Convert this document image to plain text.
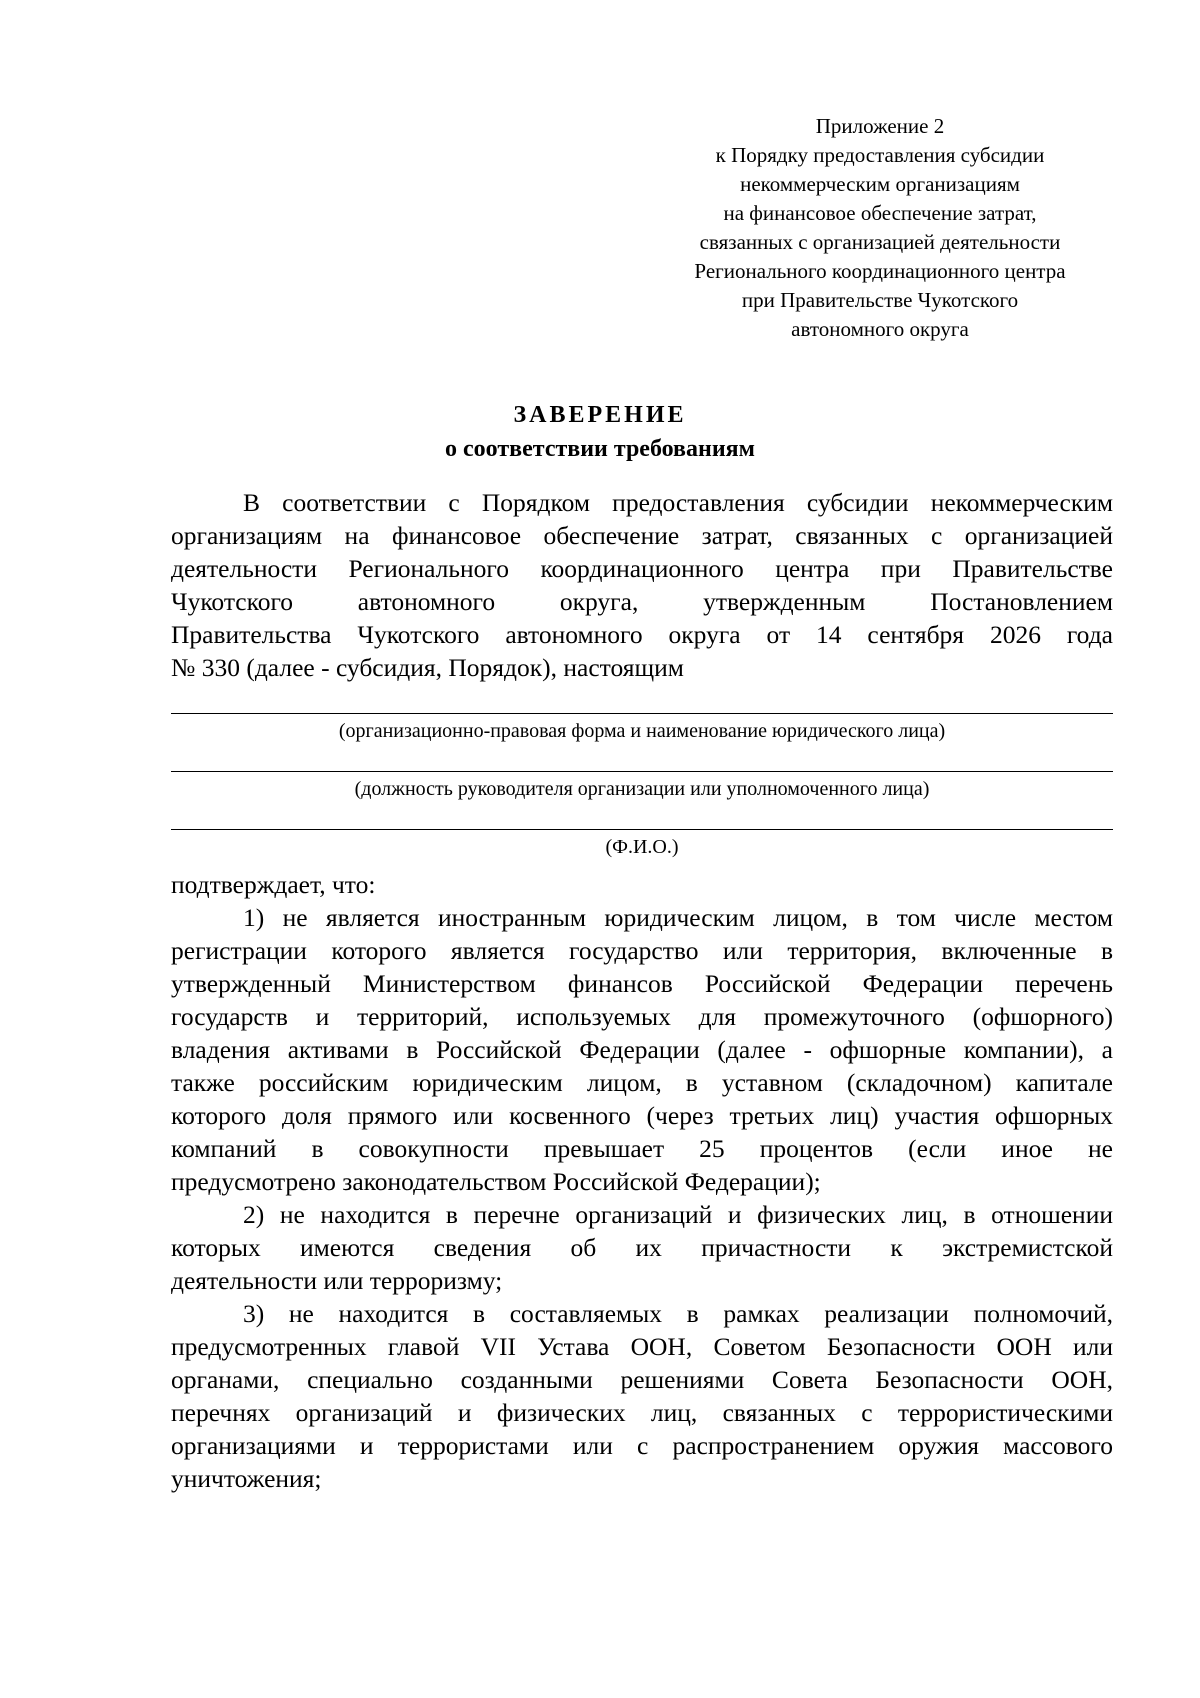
Приложение 2
к Порядку предоставления субсидии
некоммерческим организациям
на финансовое обеспечение затрат,
связанных с организацией деятельности
Регионального координационного центра
при Правительстве Чукотского
автономного округа
ЗАВЕРЕНИЕ
о соответствии требованиям
В соответствии с Порядком предоставления субсидии некоммерческим
организациям на финансовое обеспечение затрат, связанных с организацией
деятельности Регионального координационного центра при Правительстве
Чукотского автономного округа, утвержденным Постановлением
Правительства Чукотского автономного округа от 14 сентября 2026 года
№ 330 (далее - субсидия, Порядок), настоящим
(организационно-правовая форма и наименование юридического лица)
(должность руководителя организации или уполномоченного лица)
(Ф.И.О.)
подтверждает, что:
1) не является иностранным юридическим лицом, в том числе местом
регистрации которого является государство или территория, включенные в
утвержденный Министерством финансов Российской Федерации перечень
государств и территорий, используемых для промежуточного (офшорного)
владения активами в Российской Федерации (далее - офшорные компании), а
также российским юридическим лицом, в уставном (складочном) капитале
которого доля прямого или косвенного (через третьих лиц) участия офшорных
компаний в совокупности превышает 25 процентов (если иное не
предусмотрено законодательством Российской Федерации);
2) не находится в перечне организаций и физических лиц, в отношении
которых имеются сведения об их причастности к экстремистской
деятельности или терроризму;
3) не находится в составляемых в рамках реализации полномочий,
предусмотренных главой VII Устава ООН, Советом Безопасности ООН или
органами, специально созданными решениями Совета Безопасности ООН,
перечнях организаций и физических лиц, связанных с террористическими
организациями и террористами или с распространением оружия массового
уничтожения;
